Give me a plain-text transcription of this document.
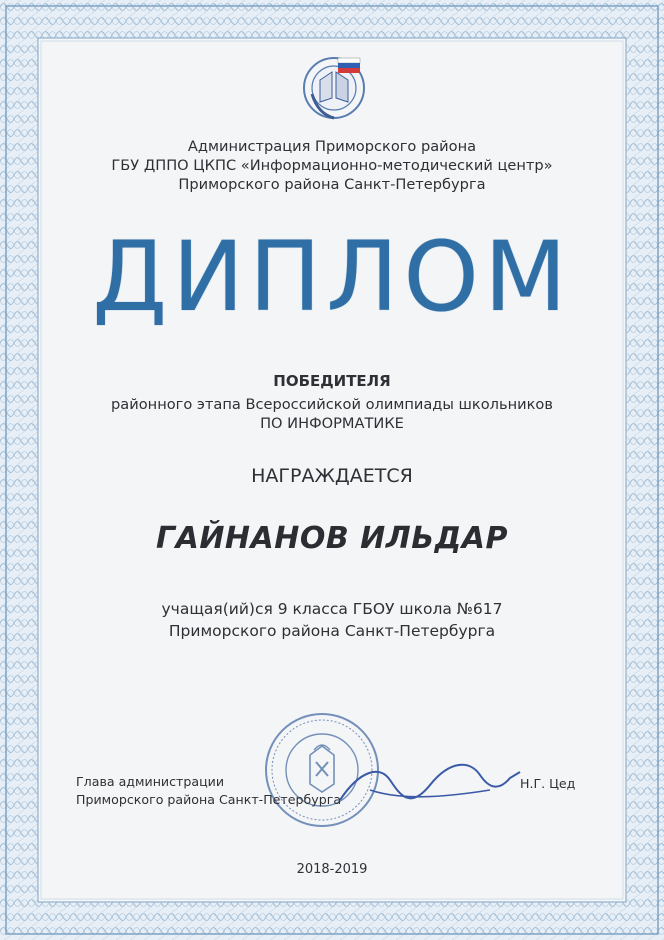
Администрация Приморского района
ГБУ ДППО ЦКПС «Информационно-методический центр»
Приморского района Санкт-Петербурга
ДИПЛОМ
ПОБЕДИТЕЛЯ
районного этапа Всероссийской олимпиады школьников
ПО ИНФОРМАТИКЕ
НАГРАЖДАЕТСЯ
ГАЙНАНОВ ИЛЬДАР
учащая(ий)ся 9 класса ГБОУ школа №617
Приморского района Санкт-Петербурга
Глава администрации
Приморского района Санкт-Петербурга
Н.Г. Цед
2018-2019
